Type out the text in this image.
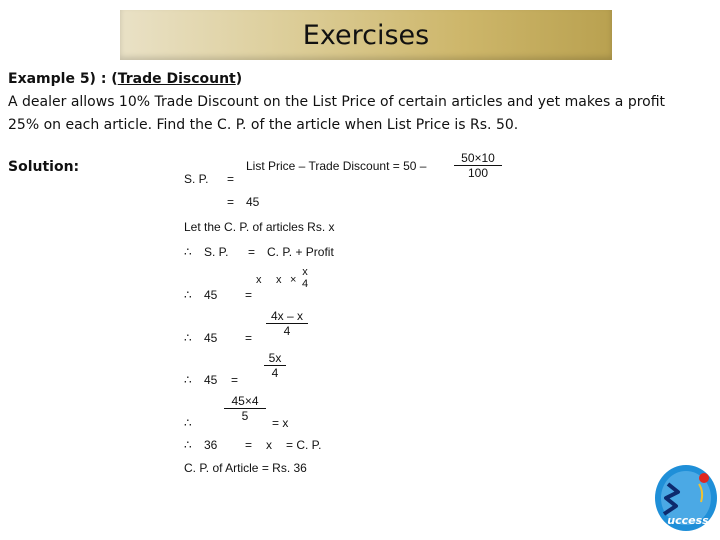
Exercises
Example 5) : (Trade Discount)
A dealer allows 10% Trade Discount on the List Price of certain articles and yet makes a profit
25% on each article. Find the C. P. of the article when List Price is Rs. 50.
Solution:
S. P. =
List Price – Trade Discount = $50 - \frac{50\times 10}{100}$
= 45
Let the C. P. of articles Rs. x
∴ S. P. = C. P. + Profit
∴ 45 =
x x ×
x
4
∴ $45 = \frac{4x - x}{4}$
∴ $45 = \frac{5x}{4}$
∴	$\frac{45\times 4}{5} = x$
∴ 36 = x = C. P.
C. P. of Article = Rs. 36
uccess
